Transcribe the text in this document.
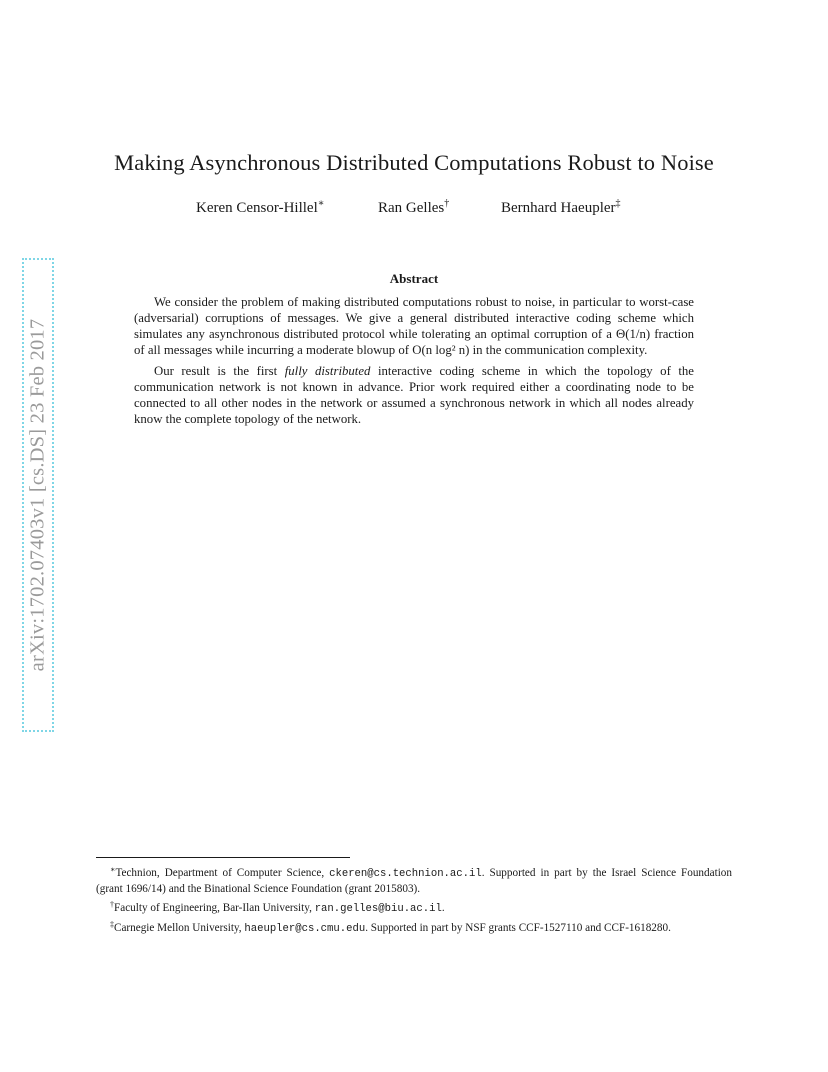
arXiv:1702.07403v1 [cs.DS] 23 Feb 2017
Making Asynchronous Distributed Computations Robust to Noise
Keren Censor-Hillel∗	Ran Gelles†	Bernhard Haeupler‡
Abstract

We consider the problem of making distributed computations robust to noise, in particular to worst-case (adversarial) corruptions of messages. We give a general distributed interactive coding scheme which simulates any asynchronous distributed protocol while tolerating an optimal corruption of a Θ(1/n) fraction of all messages while incurring a moderate blowup of O(n log² n) in the communication complexity.

Our result is the first fully distributed interactive coding scheme in which the topology of the communication network is not known in advance. Prior work required either a coordinating node to be connected to all other nodes in the network or assumed a synchronous network in which all nodes already know the complete topology of the network.

∗Technion, Department of Computer Science, ckeren@cs.technion.ac.il. Supported in part by the Israel Science Foundation (grant 1696/14) and the Binational Science Foundation (grant 2015803).

†Faculty of Engineering, Bar-Ilan University, ran.gelles@biu.ac.il.

‡Carnegie Mellon University, haeupler@cs.cmu.edu. Supported in part by NSF grants CCF-1527110 and CCF-1618280.
